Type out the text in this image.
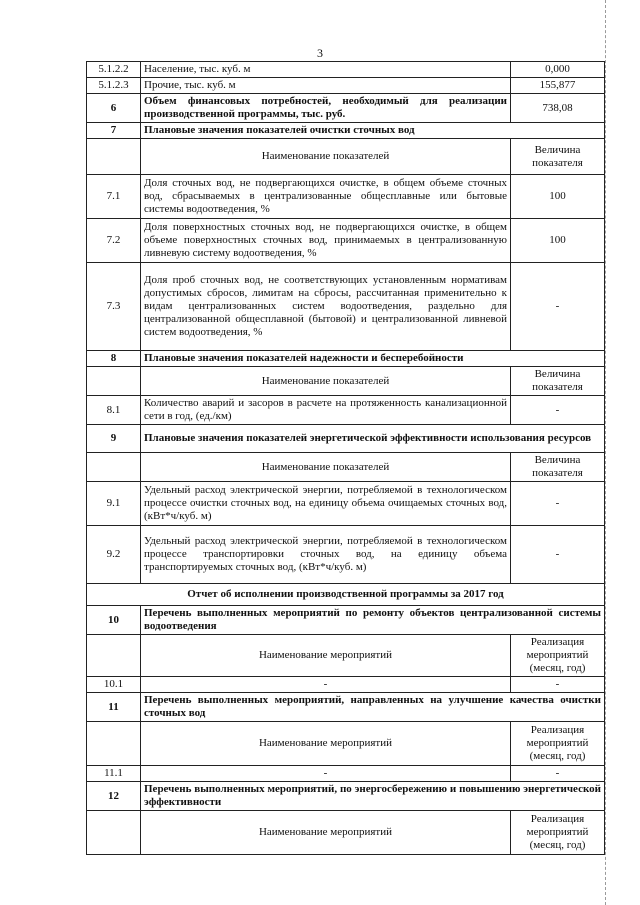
3
5.1.2.2	Население, тыс. куб. м	0,000
5.1.2.3	Прочие, тыс. куб. м	155,877
6	Объем финансовых потребностей, необходимый для реализации производственной программы, тыс. руб.	738,08
7	Плановые значения показателей очистки сточных вод	
	Наименование показателей	Величина показателя
7.1	Доля сточных вод, не подвергающихся очистке, в общем объеме сточных вод, сбрасываемых в централизованные общесплавные или бытовые системы водоотведения, %	100
7.2	Доля поверхностных сточных вод, не подвергающихся очистке, в общем объеме поверхностных сточных вод, принимаемых в централизованную ливневую систему водоотведения, %	100
7.3	Доля проб сточных вод, не соответствующих установленным нормативам допустимых сбросов, лимитам на сбросы, рассчитанная применительно к видам централизованных систем водоотведения, раздельно для централизованной общесплавной (бытовой) и централизованной ливневой систем водоотведения, %	-
8	Плановые значения показателей надежности и бесперебойности	
	Наименование показателей	Величина показателя
8.1	Количество аварий и засоров в расчете на протяженность канализационной сети в год, (ед./км)	-
9	Плановые значения показателей энергетической эффективности использования ресурсов	
	Наименование показателей	Величина показателя
9.1	Удельный расход электрической энергии, потребляемой в технологическом процессе очистки сточных вод, на единицу объема очищаемых сточных вод, (кВт*ч/куб. м)	-
9.2	Удельный расход электрической энергии, потребляемой в технологическом процессе транспортировки сточных вод, на единицу объема транспортируемых сточных вод, (кВт*ч/куб. м)	-
Отчет об исполнении производственной программы за 2017 год		
10	Перечень выполненных мероприятий по ремонту объектов централизованной системы водоотведения	
	Наименование мероприятий	Реализация мероприятий (месяц, год)
10.1	-	-
11	Перечень выполненных мероприятий, направленных на улучшение качества очистки сточных вод	
	Наименование мероприятий	Реализация мероприятий (месяц, год)
11.1	-	-
12	Перечень выполненных мероприятий, по энергосбережению и повышению энергетической эффективности	
	Наименование мероприятий	Реализация мероприятий (месяц, год)
